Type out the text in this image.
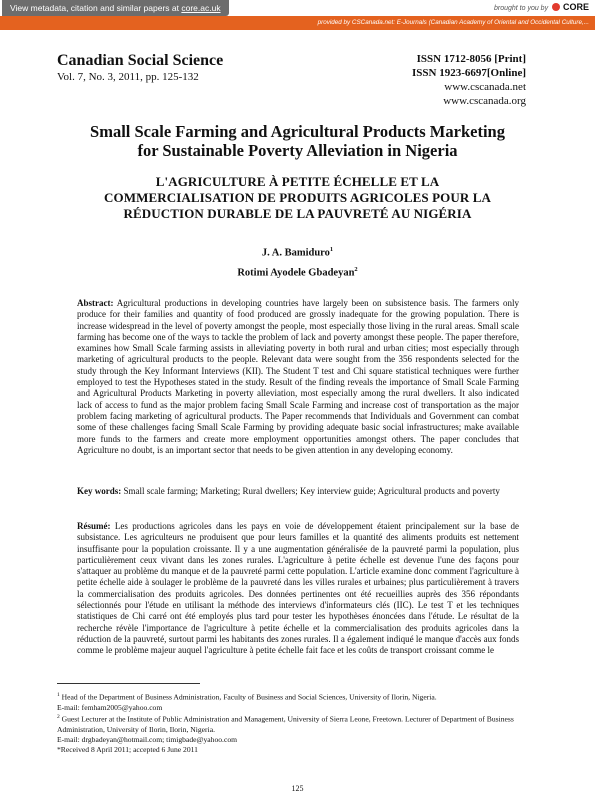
View metadata, citation and similar papers at core.ac.uk	brought to you by CORE
provided by CSCanada.net: E-Journals (Canadian Academy of Oriental and Occidental Culture,...
Canadian Social Science
Vol. 7, No. 3, 2011, pp. 125-132
ISSN 1712-8056 [Print]
ISSN 1923-6697[Online]
www.cscanada.net
www.cscanada.org
Small Scale Farming and Agricultural Products Marketing
for Sustainable Poverty Alleviation in Nigeria
L'AGRICULTURE À PETITE ÉCHELLE ET LA
COMMERCIALISATION DE PRODUITS AGRICOLES POUR LA
RÉDUCTION DURABLE DE LA PAUVRETÉ AU NIGÉRIA
J. A. Bamiduro$^1$
Rotimi Ayodele Gbadeyan$^2$
Abstract: Agricultural productions in developing countries have largely been on subsistence basis. The farmers only produce for their families and quantity of food produced are grossly inadequate for the growing population. There is increase widespread in the level of poverty amongst the people, most especially those living in the rural areas. Small scale farming has become one of the ways to tackle the problem of lack and poverty amongst these people. The paper therefore, examines how Small Scale farming assists in alleviating poverty in both rural and urban cities; most especially through marketing of agricultural products to the people. Relevant data were sought from the 356 respondents selected for the study through the Key Informant Interviews (KII). The Student T test and Chi square statistical techniques were further employed to test the Hypotheses stated in the study. Result of the finding reveals the importance of Small Scale Farming and Agricultural Products Marketing in poverty alleviation, most especially among the rural dwellers. It also indicated lack of access to fund as the major problem facing Small Scale Farming and increase cost of transportation as the major problem facing marketing of agricultural products. The Paper recommends that Individuals and Government can combat some of these challenges facing Small Scale Farming by providing adequate basic social infrastructures; make available more funds to the farmers and create more employment opportunities amongst others. The paper concludes that Agriculture no doubt, is an important sector that needs to be given attention in any developing economy.
Key words: Small scale farming; Marketing; Rural dwellers; Key interview guide; Agricultural products and poverty
Résumé: Les productions agricoles dans les pays en voie de développement étaient principalement sur la base de subsistance. Les agriculteurs ne produisent que pour leurs familles et la quantité des aliments produits est nettement insuffisante pour la population croissante. Il y a une augmentation généralisée de la pauvreté parmi la population, plus particulièrement ceux vivant dans les zones rurales. L'agriculture à petite échelle est devenue l'une des façons pour s'attaquer au problème du manque et de la pauvreté parmi cette population. L'article examine donc comment l'agriculture à petite échelle aide à soulager le problème de la pauvreté dans les villes rurales et urbaines; plus particulièrement à travers la commercialisation des produits agricoles. Des données pertinentes ont été recueillies auprès des 356 répondants sélectionnés pour l'étude en utilisant la méthode des interviews d'informateurs clés (IIC). Le test T et les techniques statistiques de Chi carré ont été employés plus tard pour tester les hypothèses énoncées dans l'étude. Le résultat de la recherche révèle l'importance de l'agriculture à petite échelle et la commercialisation des produits agricoles dans la réduction de la pauvreté, surtout parmi les habitants des zones rurales. Il a également indiqué le manque d'accès aux fonds comme le problème majeur auquel l'agriculture à petite échelle fait face et les coûts de transport croissant comme le
$^1$ Head of the Department of Business Administration, Faculty of Business and Social Sciences, University of Ilorin, Nigeria.
E-mail: femham2005@yahoo.com
$^2$ Guest Lecturer at the Institute of Public Administration and Management, University of Sierra Leone, Freetown. Lecturer of Department of Business Administration, University of Ilorin, Ilorin, Nigeria.
E-mail: drgbadeyan@hotmail.com; timigbade@yahoo.com
*Received 8 April 2011; accepted 6 June 2011
125
